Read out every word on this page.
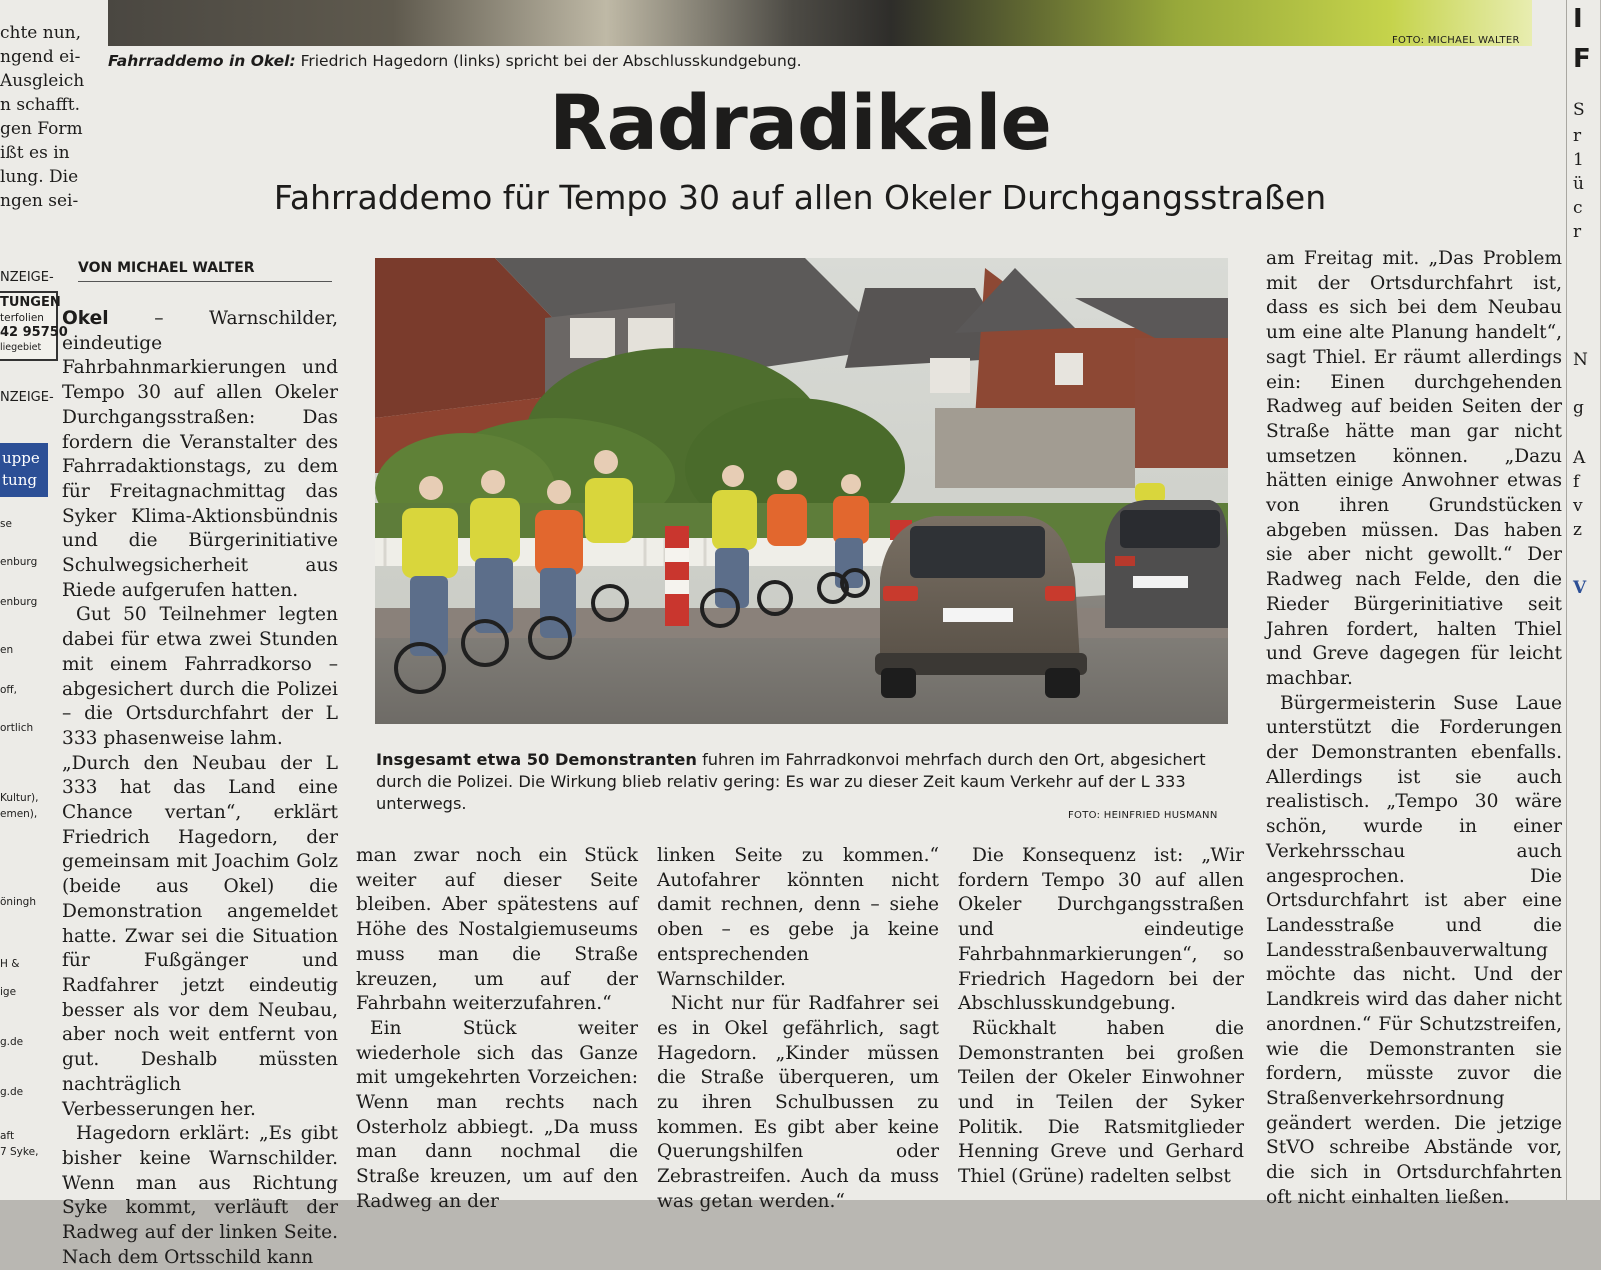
Fahrraddemo in Okel: Friedrich Hagedorn (links) spricht bei der Abschlusskundgebung.
FOTO: MICHAEL WALTER
Radradikale
Fahrraddemo für Tempo 30 auf allen Okeler Durchgangsstraßen
chte nun,
ngend ei-
Ausgleich
n schafft.
gen Form
ißt es in
lung. Die
ngen sei-
NZEIGE-
TUNGEN
terfolien
42 95750
liegebiet
NZEIGE-
uppe
tung
se
enburg
enburg
en
off,
ortlich
Kultur),
emen),
öningh
H &
ige
g.de
g.de
aft
7 Syke,
I
F
S
r
1
ü
c
r
N
g
A
f
v
z
V
VON MICHAEL WALTER

Okel – Warnschilder, eindeutige Fahrbahnmarkierungen und Tempo 30 auf allen Okeler Durchgangsstraßen: Das fordern die Veranstalter des Fahrradaktionstags, zu dem für Freitagnachmittag das Syker Klima-Aktionsbündnis und die Bürgerinitiative Schulwegsicherheit aus Riede aufgerufen hatten.

Gut 50 Teilnehmer legten dabei für etwa zwei Stunden mit einem Fahrradkorso – abgesichert durch die Polizei – die Ortsdurchfahrt der L 333 phasenweise lahm.

„Durch den Neubau der L 333 hat das Land eine Chance vertan“, erklärt Friedrich Hagedorn, der gemeinsam mit Joachim Golz (beide aus Okel) die Demonstration angemeldet hatte. Zwar sei die Situation für Fußgänger und Radfahrer jetzt eindeutig besser als vor dem Neubau, aber noch weit entfernt von gut. Deshalb müssten nachträglich Verbesserungen her.

Hagedorn erklärt: „Es gibt bisher keine Warnschilder. Wenn man aus Richtung Syke kommt, verläuft der Radweg auf der linken Seite. Nach dem Ortsschild kann

Insgesamt etwa 50 Demonstranten fuhren im Fahrradkonvoi mehrfach durch den Ort, abgesichert durch die Polizei. Die Wirkung blieb relativ gering: Es war zu dieser Zeit kaum Verkehr auf der L 333 unterwegs.
FOTO: HEINFRIED HUSMANN

man zwar noch ein Stück weiter auf dieser Seite bleiben. Aber spätestens auf Höhe des Nostalgiemuseums muss man die Straße kreuzen, um auf der Fahrbahn weiterzufahren.“

Ein Stück weiter wiederhole sich das Ganze mit umgekehrten Vorzeichen: Wenn man rechts nach Osterholz abbiegt. „Da muss man dann nochmal die Straße kreuzen, um auf den Radweg an der

linken Seite zu kommen.“ Autofahrer könnten nicht damit rechnen, denn – siehe oben – es gebe ja keine entsprechenden Warnschilder.

Nicht nur für Radfahrer sei es in Okel gefährlich, sagt Hagedorn. „Kinder müssen die Straße überqueren, um zu ihren Schulbussen zu kommen. Es gibt aber keine Querungshilfen oder Zebrastreifen. Auch da muss was getan werden.“

Die Konsequenz ist: „Wir fordern Tempo 30 auf allen Okeler Durchgangsstraßen und eindeutige Fahrbahnmarkierungen“, so Friedrich Hagedorn bei der Abschlusskundgebung.

Rückhalt haben die Demonstranten bei großen Teilen der Okeler Einwohner und in Teilen der Syker Politik. Die Ratsmitglieder Henning Greve und Gerhard Thiel (Grüne) radelten selbst

am Freitag mit. „Das Problem mit der Ortsdurchfahrt ist, dass es sich bei dem Neubau um eine alte Planung handelt“, sagt Thiel. Er räumt allerdings ein: Einen durchgehenden Radweg auf beiden Seiten der Straße hätte man gar nicht umsetzen können. „Dazu hätten einige Anwohner etwas von ihren Grundstücken abgeben müssen. Das haben sie aber nicht gewollt.“ Der Radweg nach Felde, den die Rieder Bürgerinitiative seit Jahren fordert, halten Thiel und Greve dagegen für leicht machbar.

Bürgermeisterin Suse Laue unterstützt die Forderungen der Demonstranten ebenfalls. Allerdings ist sie auch realistisch. „Tempo 30 wäre schön, wurde in einer Verkehrsschau auch angesprochen. Die Ortsdurchfahrt ist aber eine Landesstraße und die Landesstraßenbauverwaltung möchte das nicht. Und der Landkreis wird das daher nicht anordnen.“ Für Schutzstreifen, wie die Demonstranten sie fordern, müsste zuvor die Straßenverkehrsordnung geändert werden. Die jetzige StVO schreibe Abstände vor, die sich in Ortsdurchfahrten oft nicht einhalten ließen.
